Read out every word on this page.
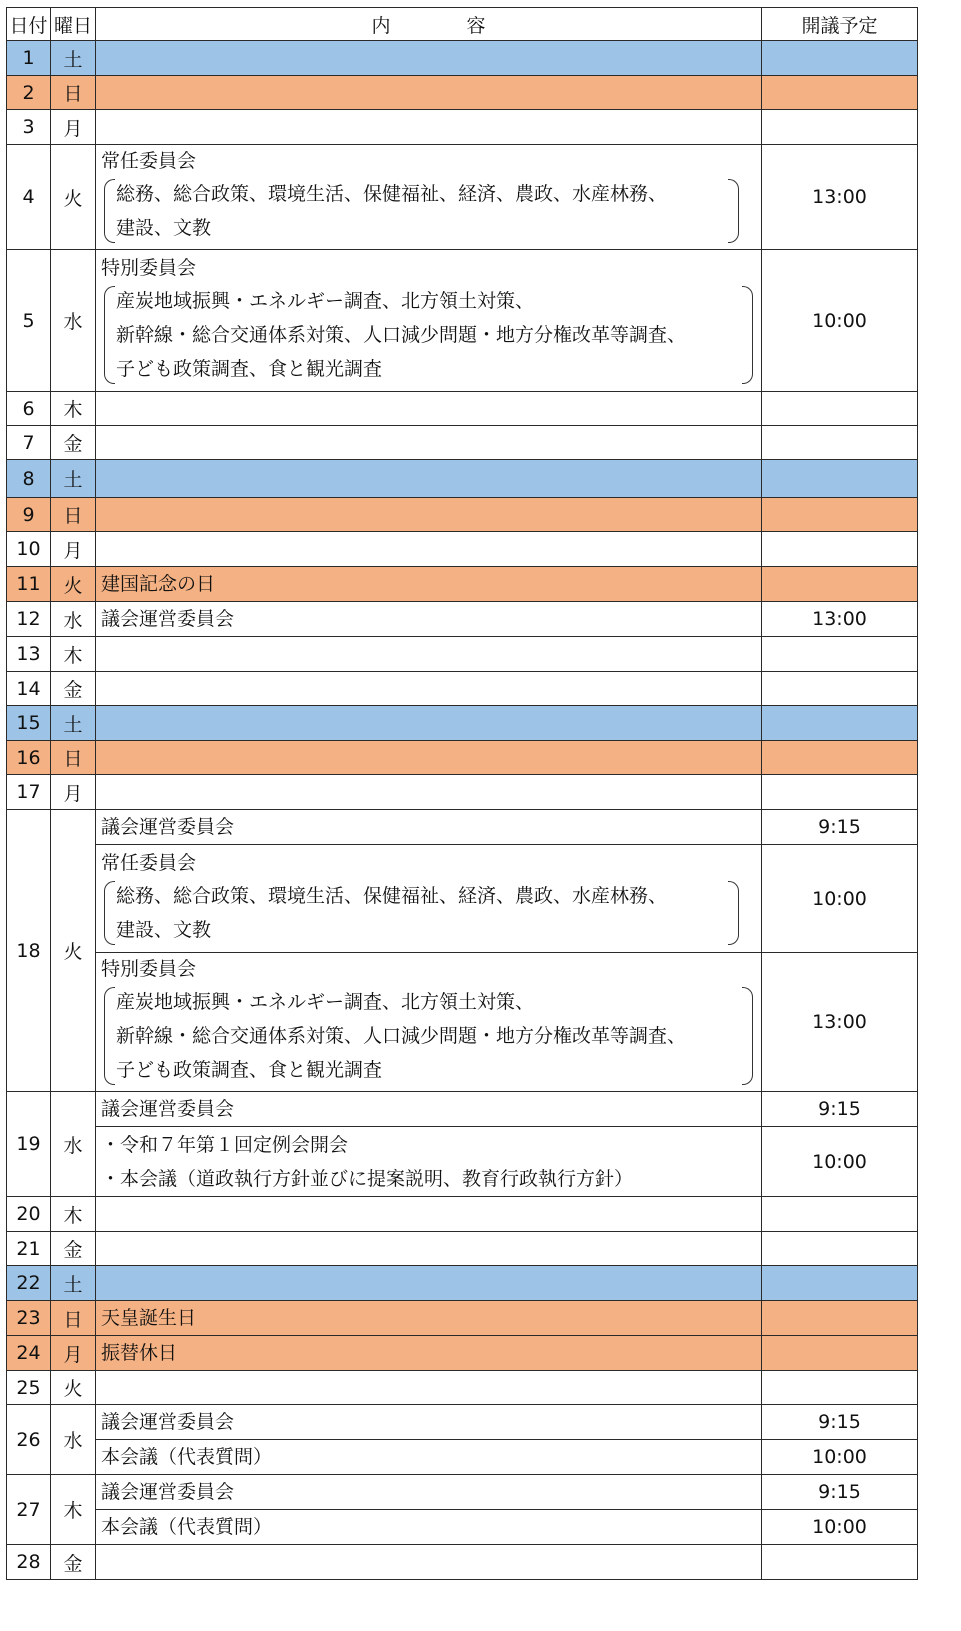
日付	曜日	内　　　　容	開議予定
1	土		
2	日		
3	月		
4	火	常任委員会
総務、総合政策、環境生活、保健福祉、経済、農政、水産林務、
建設、文教	13:00
5	水	特別委員会
産炭地域振興・エネルギー調査、北方領土対策、
新幹線・総合交通体系対策、人口減少問題・地方分権改革等調査、
子ども政策調査、食と観光調査	10:00
6	木		
7	金		
8	土		
9	日		
10	月		
11	火	建国記念の日	
12	水	議会運営委員会	13:00
13	木		
14	金		
15	土		
16	日		
17	月		
18	火	議会運営委員会	9:15

		常任委員会
総務、総合政策、環境生活、保健福祉、経済、農政、水産林務、
建設、文教	10:00

		特別委員会
産炭地域振興・エネルギー調査、北方領土対策、
新幹線・総合交通体系対策、人口減少問題・地方分権改革等調査、
子ども政策調査、食と観光調査	13:00
19	水	議会運営委員会	9:15

		・令和７年第１回定例会開会
・本会議（道政執行方針並びに提案説明、教育行政執行方針）	10:00
20	木		
21	金		
22	土		
23	日	天皇誕生日	
24	月	振替休日	
25	火		
26	水	議会運営委員会	9:15
		本会議（代表質問）	10:00
27	木	議会運営委員会	9:15
		本会議（代表質問）	10:00
28	金		
